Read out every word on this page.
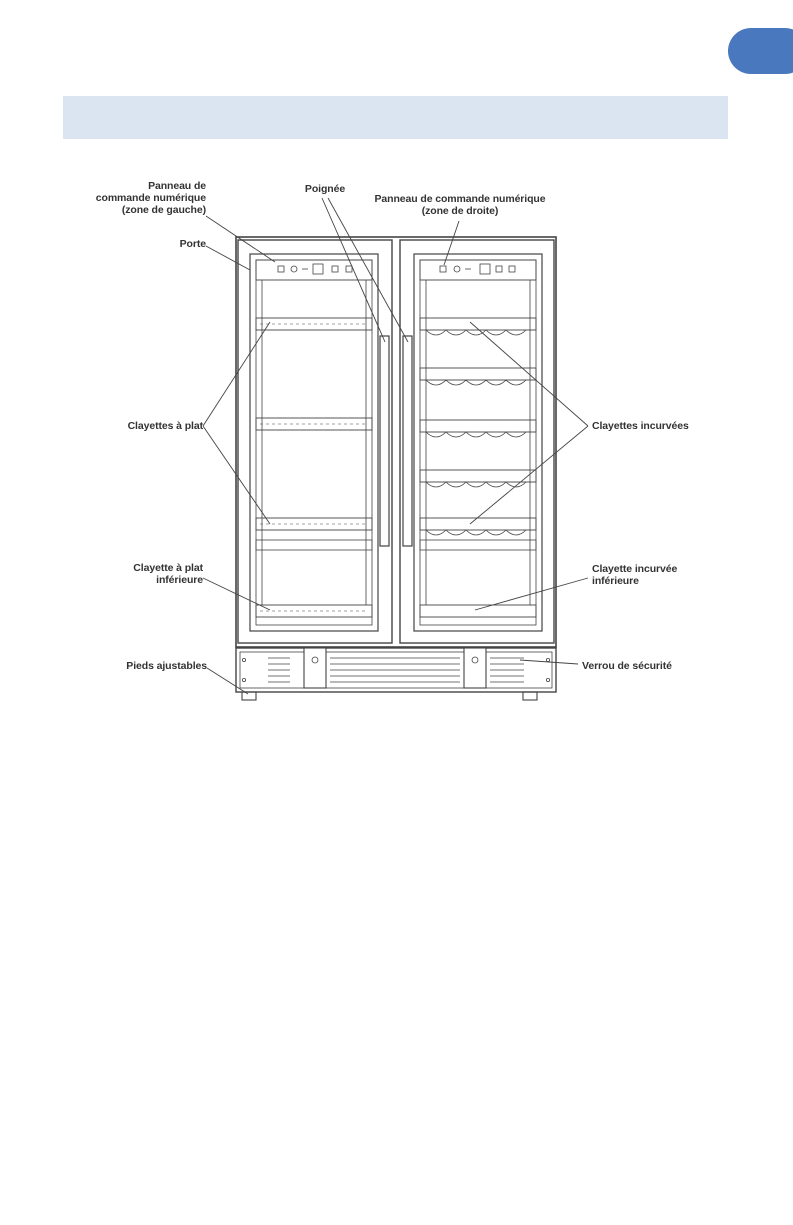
Panneau de
commande numérique
(zone de gauche)
Poignée
Panneau de commande numérique
(zone de droite)
Porte
Clayettes à plat	Clayettes incurvées
Clayette à plat
inférieure
Clayette incurvée
inférieure
Pieds ajustables	Verrou de sécurité
